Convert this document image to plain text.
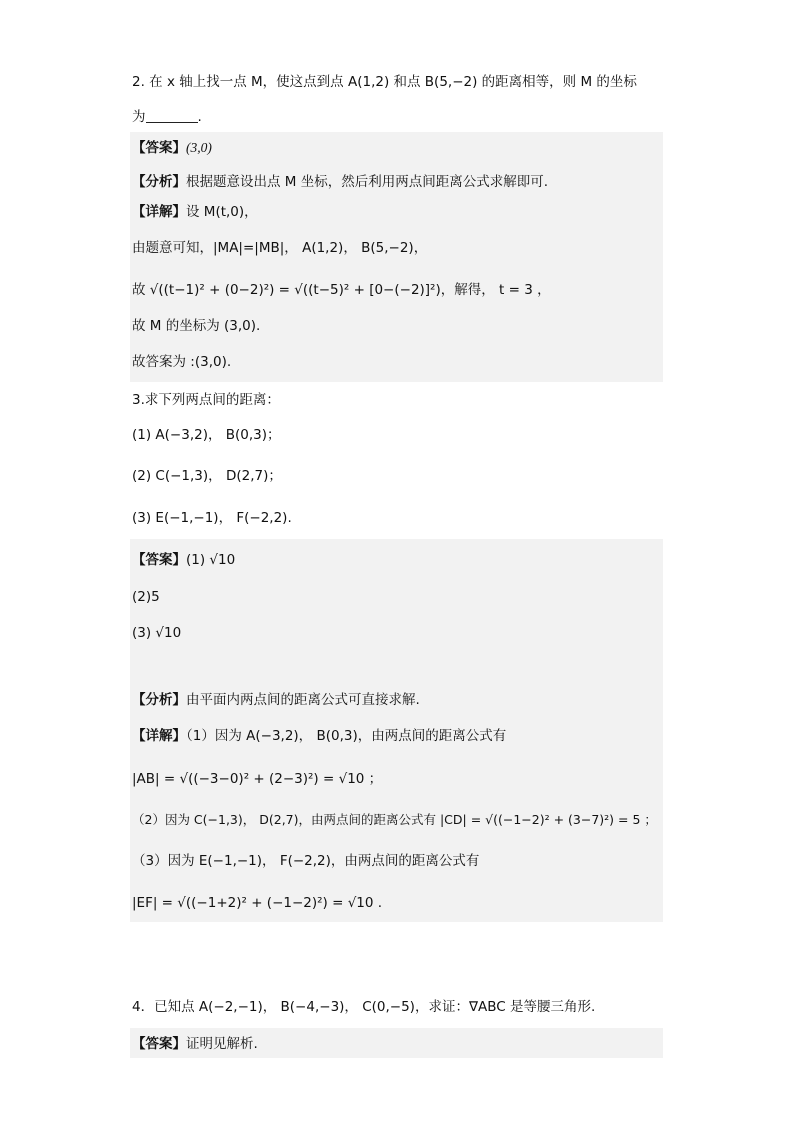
2. 在 x 轴上找一点 M，使这点到点 A(1,2) 和点 B(5,−2) 的距离相等，则 M 的坐标
为	.
【答案】(3,0)
【分析】根据题意设出点 M 坐标，然后利用两点间距离公式求解即可.
【详解】设 M(t,0)，
由题意可知，|MA|=|MB|， A(1,2)， B(5,−2)，
故 √((t−1)² + (0−2)²) = √((t−5)² + [0−(−2)]²)，解得， t = 3 ，
故 M 的坐标为 (3,0).
故答案为 :(3,0).
3.求下列两点间的距离：
(1) A(−3,2)， B(0,3)；
(2) C(−1,3)， D(2,7)；
(3) E(−1,−1)， F(−2,2).
【答案】(1) √10
(2)5
(3) √10
【分析】由平面内两点间的距离公式可直接求解.
【详解】（1）因为 A(−3,2)， B(0,3)，由两点间的距离公式有
|AB| = √((−3−0)² + (2−3)²) = √10 ；
（2）因为 C(−1,3)， D(2,7)，由两点间的距离公式有 |CD| = √((−1−2)² + (3−7)²) = 5 ；
（3）因为 E(−1,−1)， F(−2,2)，由两点间的距离公式有
|EF| = √((−1+2)² + (−1−2)²) = √10 .
4．已知点 A(−2,−1)， B(−4,−3)， C(0,−5)，求证：∇ABC 是等腰三角形.
【答案】证明见解析.
